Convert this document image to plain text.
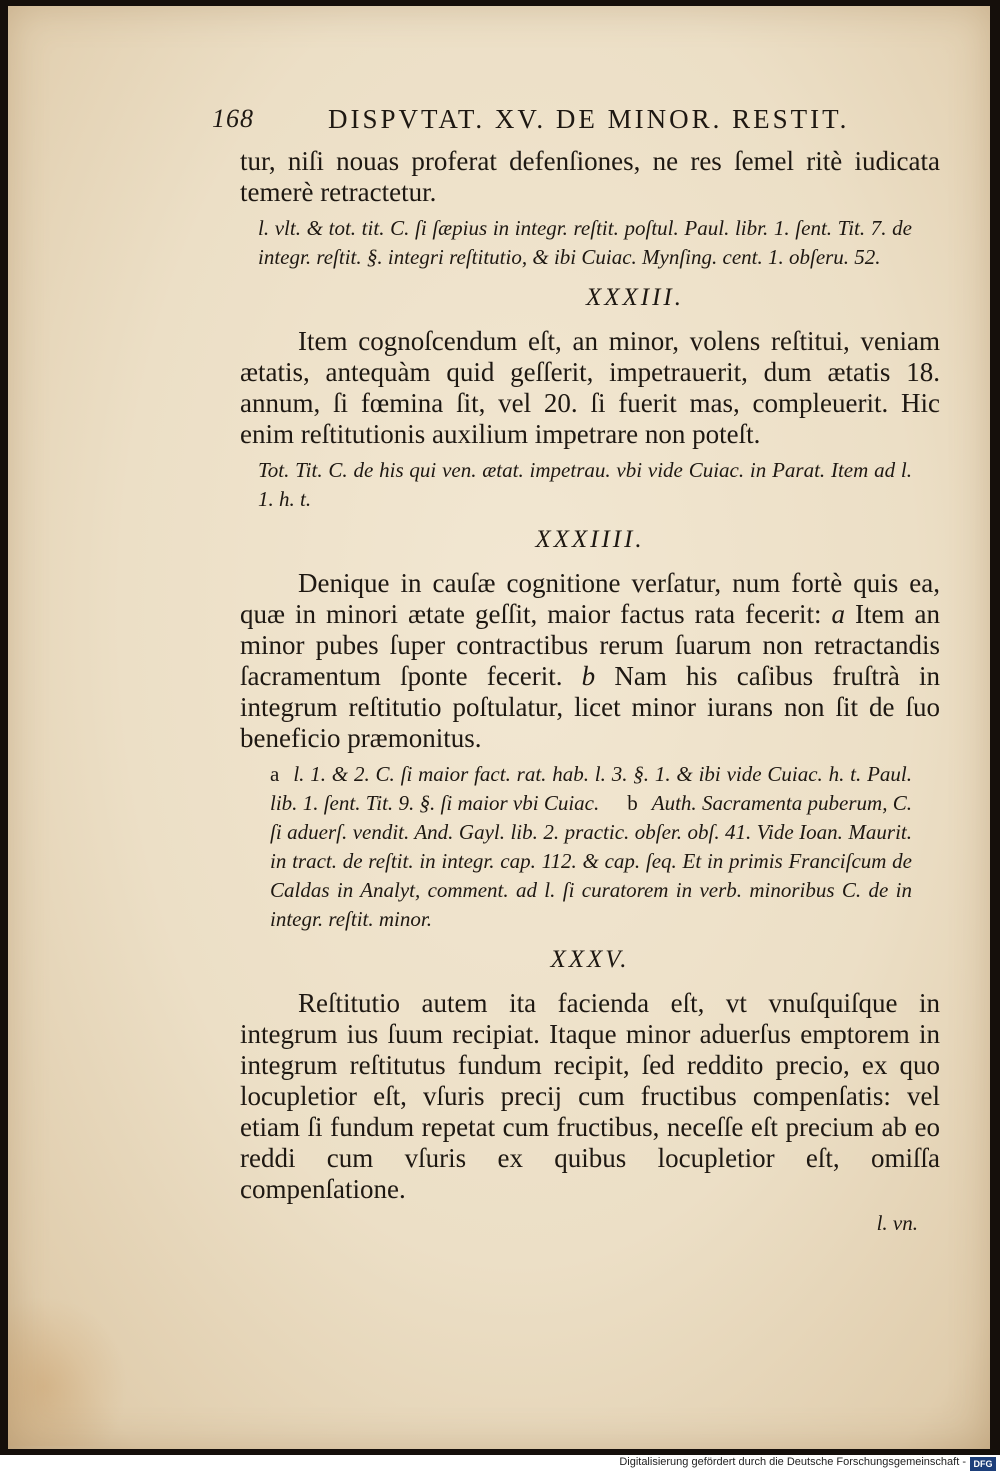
168	DISPVTAT. XV. DE MINOR. RESTIT.

tur, niſi nouas proferat defenſiones, ne res ſemel ritè iudicata temerè retractetur.

l. vlt. & tot. tit. C. ſi ſæpius in integr. reſtit. poſtul. Paul. libr. 1. ſent. Tit. 7. de integr. reſtit. §. integri reſtitutio, & ibi Cuiac. Mynſing. cent. 1. obſeru. 52.

XXXIII.

Item cognoſcendum eſt, an minor, volens reſtitui, veniam ætatis, antequàm quid geſſerit, impetrauerit, dum ætatis 18. annum, ſi fœmina ſit, vel 20. ſi fuerit mas, compleuerit. Hic enim reſtitutionis auxilium impetrare non poteſt.

Tot. Tit. C. de his qui ven. ætat. impetrau. vbi vide Cuiac. in Parat. Item ad l. 1. h. t.

XXXIIII.

Denique in cauſæ cognitione verſatur, num fortè quis ea, quæ in minori ætate geſſit, maior factus rata fecerit: a Item an minor pubes ſuper contractibus rerum ſuarum non retractandis ſacramentum ſponte fecerit. b Nam his caſibus fruſtrà in integrum reſtitutio poſtulatur, licet minor iurans non ſit de ſuo beneficio præmonitus.

a l. 1. & 2. C. ſi maior fact. rat. hab. l. 3. §. 1. & ibi vide Cuiac. h. t. Paul. lib. 1. ſent. Tit. 9. §. ſi maior vbi Cuiac. b Auth. Sacramenta puberum, C. ſi aduerſ. vendit. And. Gayl. lib. 2. practic. obſer. obſ. 41. Vide Ioan. Maurit. in tract. de reſtit. in integr. cap. 112. & cap. ſeq. Et in primis Franciſcum de Caldas in Analyt, comment. ad l. ſi curatorem in verb. minoribus C. de in integr. reſtit. minor.

XXXV.

Reſtitutio autem ita facienda eſt, vt vnuſquiſque in integrum ius ſuum recipiat. Itaque minor aduerſus emptorem in integrum reſtitutus fundum recipit, ſed reddito precio, ex quo locupletior eſt, vſuris precij cum fructibus compenſatis: vel etiam ſi fundum repetat cum fructibus, neceſſe eſt precium ab eo reddi cum vſuris ex quibus locupletior eſt, omiſſa compenſatione.

l. vn.
Digitalisierung gefördert durch die Deutsche Forschungsgemeinschaft - DFG
